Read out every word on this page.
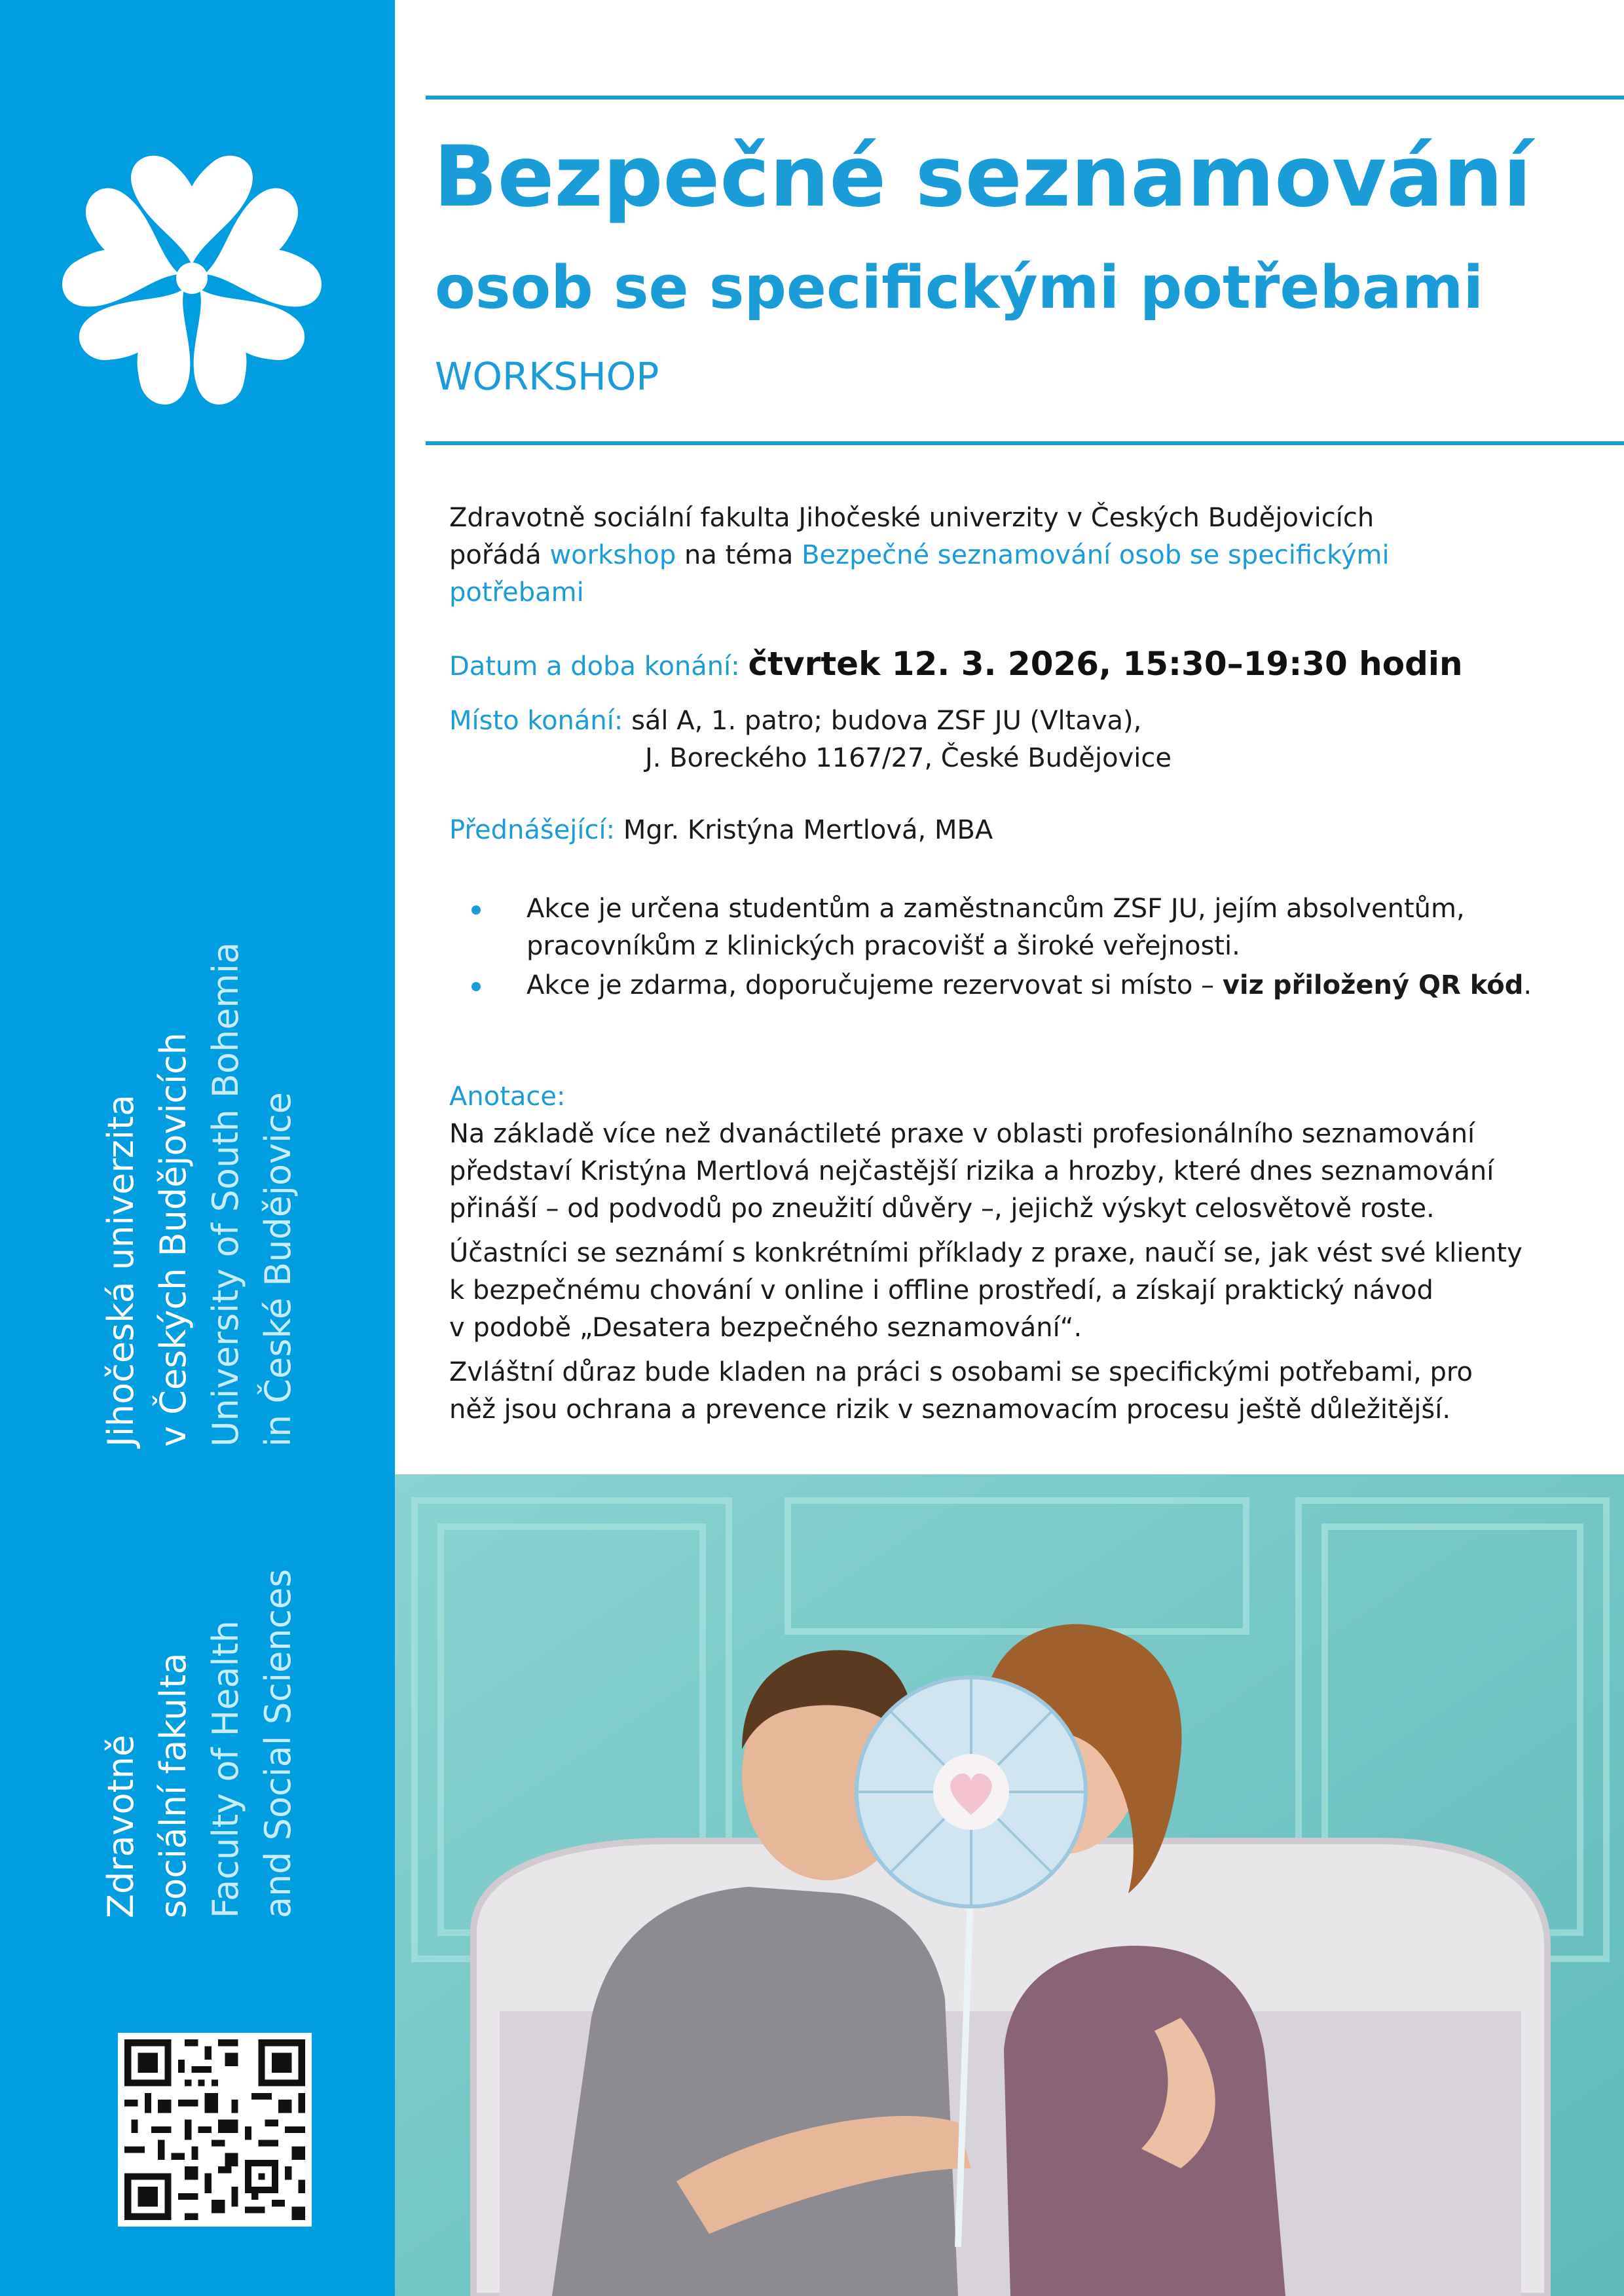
Jihočeská univerzita v Českých Budějovicích University of South Bohemia in České Budějovice
Zdravotně sociální fakulta Faculty of Health and Social Sciences
Bezpečné seznamování
osob se specifickými potřebami
WORKSHOP
Zdravotně sociální fakulta Jihočeské univerzity v Českých Budějovicích
pořádá workshop na téma Bezpečné seznamování osob se specifickými
potřebami
Datum a doba konání: čtvrtek 12. 3. 2026, 15:30–19:30 hodin
Místo konání: sál A, 1. patro; budova ZSF JU (Vltava),
J. Boreckého 1167/27, České Budějovice
Přednášející: Mgr. Kristýna Mertlová, MBA
Akce je určena studentům a zaměstnancům ZSF JU, jejím absolventům,
pracovníkům z klinických pracovišť a široké veřejnosti.
Akce je zdarma, doporučujeme rezervovat si místo – viz přiložený QR kód.
Anotace:
Na základě více než dvanáctileté praxe v oblasti profesionálního seznamování
představí Kristýna Mertlová nejčastější rizika a hrozby, které dnes seznamování
přináší – od podvodů po zneužití důvěry –, jejichž výskyt celosvětově roste.
Účastníci se seznámí s konkrétními příklady z praxe, naučí se, jak vést své klienty
k bezpečnému chování v online i offline prostředí, a získají praktický návod
v podobě „Desatera bezpečného seznamování“.
Zvláštní důraz bude kladen na práci s osobami se specifickými potřebami, pro
něž jsou ochrana a prevence rizik v seznamovacím procesu ještě důležitější.
